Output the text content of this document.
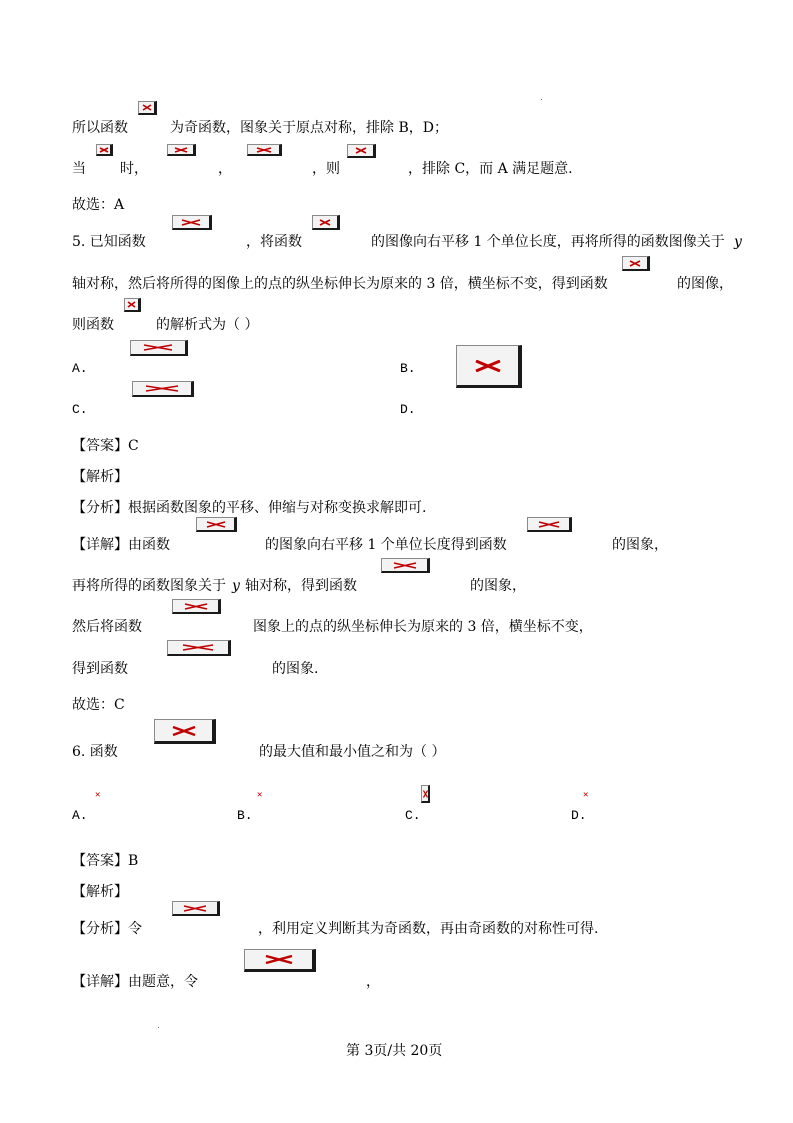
所以函数	为奇函数，图象关于原点对称，排除 B，D；
当 时，	，	，则	，排除 C，而 A 满足题意.
故选：A
5. 已知函数	，将函数	的图像向右平移 1 个单位长度，再将所得的函数图像关于 y
轴对称，然后将所得的图像上的点的纵坐标伸长为原来的 3 倍，横坐标不变，得到函数	的图像，
则函数	的解析式为（ ）
A.	B.
C.	D.
【答案】C
【解析】
【分析】根据函数图象的平移、伸缩与对称变换求解即可.
【详解】由函数	的图象向右平移 1 个单位长度得到函数	的图象，
再将所得的函数图象关于 y 轴对称，得到函数	的图象，
然后将函数	图象上的点的纵坐标伸长为原来的 3 倍，横坐标不变，
得到函数	的图象.
故选：C
6. 函数	的最大值和最小值之和为（ ）
✕	✕	✕
A.	B.	C.	D.
【答案】B
【解析】
【分析】令	，利用定义判断其为奇函数，再由奇函数的对称性可得.
【详解】由题意，令	，
第 3页/共 20页
